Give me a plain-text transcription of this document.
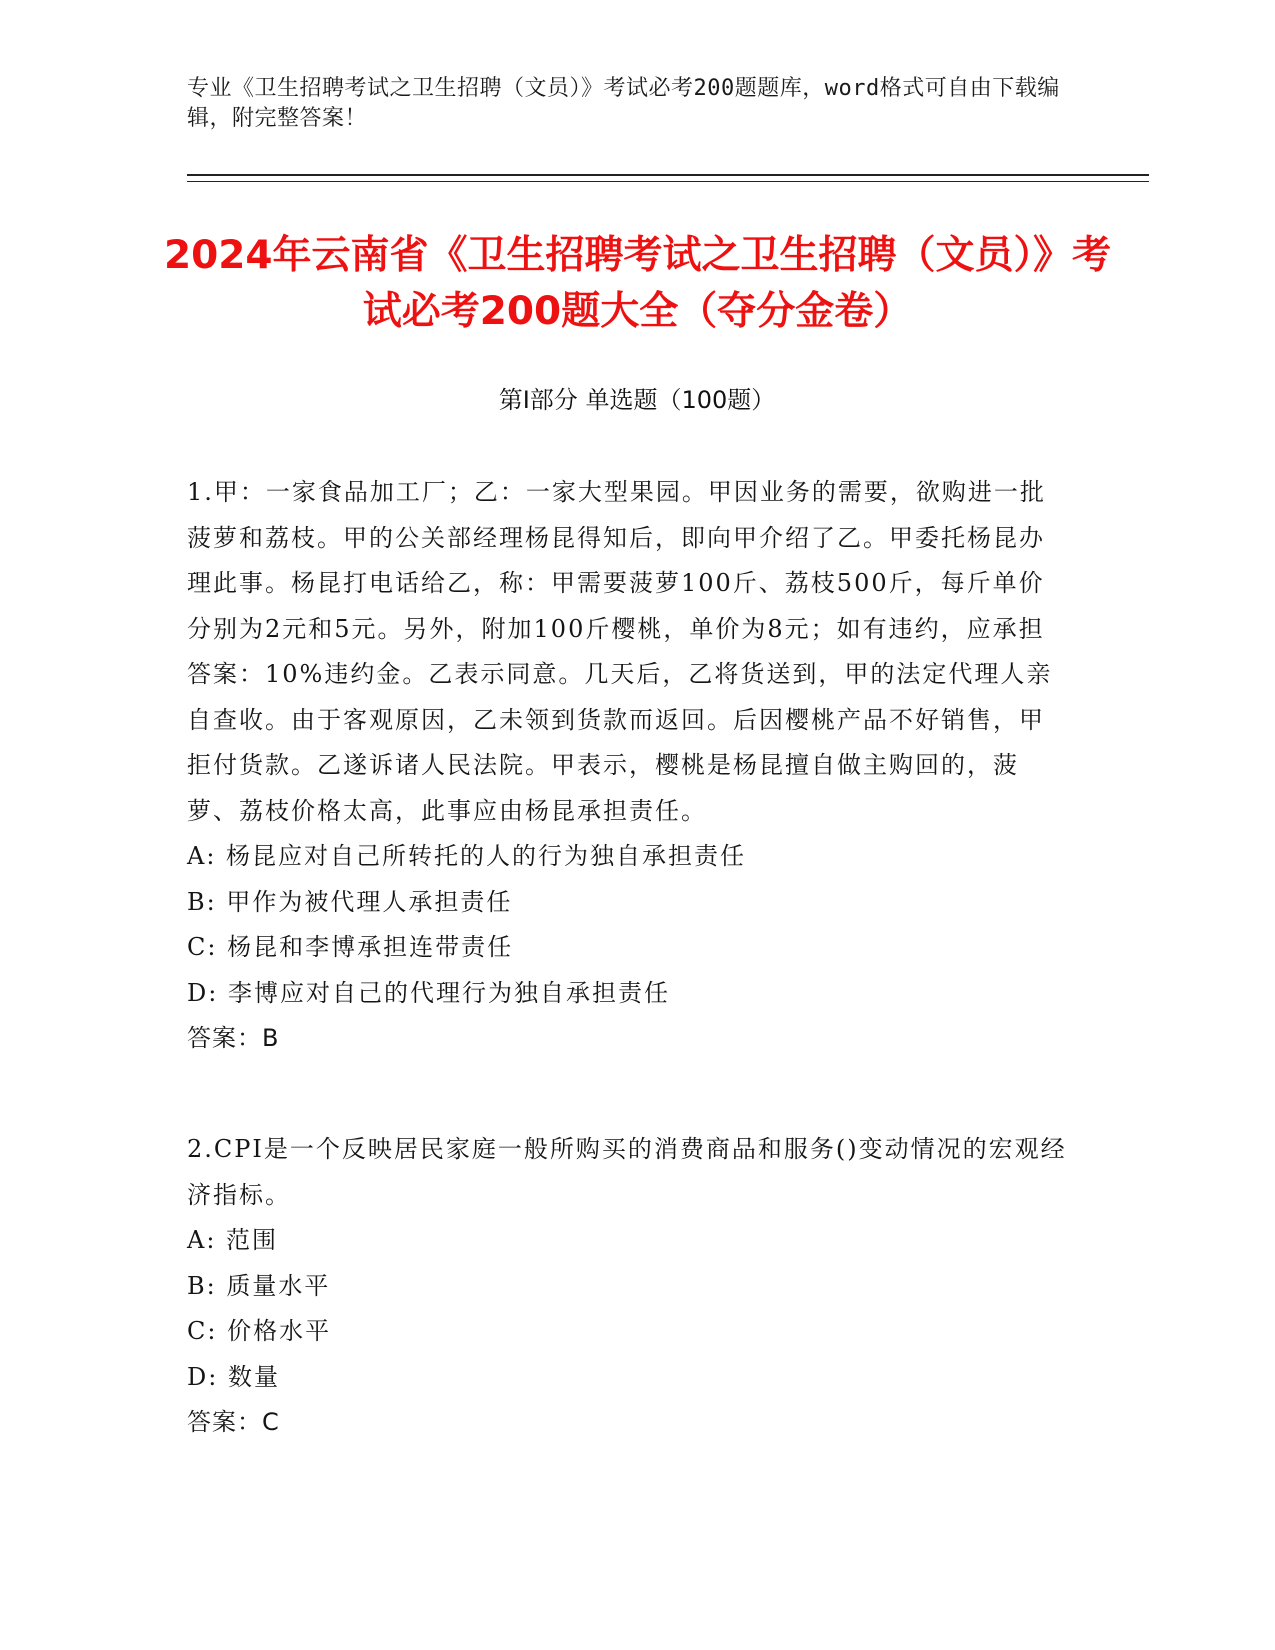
专业《卫生招聘考试之卫生招聘（文员）》考试必考200题题库，word格式可自由下载编辑，附完整答案！
2024年云南省《卫生招聘考试之卫生招聘（文员）》考试必考200题大全（夺分金卷）
第Ⅰ部分 单选题（100题）
1.甲：一家食品加工厂；乙：一家大型果园。甲因业务的需要，欲购进一批菠萝和荔枝。甲的公关部经理杨昆得知后，即向甲介绍了乙。甲委托杨昆办理此事。杨昆打电话给乙，称：甲需要菠萝100斤、荔枝500斤，每斤单价分别为2元和5元。另外，附加100斤樱桃，单价为8元；如有违约，应承担答案：10%违约金。乙表示同意。几天后，乙将货送到，甲的法定代理人亲自查收。由于客观原因，乙未领到货款而返回。后因樱桃产品不好销售，甲拒付货款。乙遂诉诸人民法院。甲表示，樱桃是杨昆擅自做主购回的，菠萝、荔枝价格太高，此事应由杨昆承担责任。
A: 杨昆应对自己所转托的人的行为独自承担责任
B: 甲作为被代理人承担责任
C: 杨昆和李博承担连带责任
D: 李博应对自己的代理行为独自承担责任
答案：B
2.CPI是一个反映居民家庭一般所购买的消费商品和服务()变动情况的宏观经济指标。
A: 范围
B: 质量水平
C: 价格水平
D: 数量
答案：C
